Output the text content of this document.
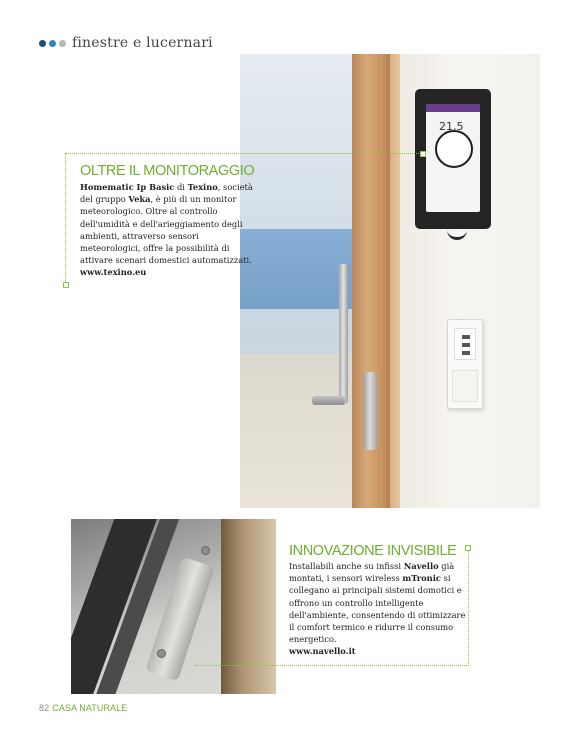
finestre e lucernari
21,5
OLTRE IL MONITORAGGIO
Homematic Ip Basic di Texino, società del gruppo Veka, è più di un monitor meteorologico. Oltre al controllo dell'umidità e dell'arieggiamento degli ambienti, attraverso sensori meteorologici, offre la possibilità di attivare scenari domestici automatizzati.
www.texino.eu
INNOVAZIONE INVISIBILE
Installabili anche su infissi Navello già montati, i sensori wireless mTronic si collegano ai principali sistemi domotici e offrono un controllo intelligente dell'ambiente, consentendo di ottimizzare il comfort termico e ridurre il consumo energetico.
www.navello.it
82 CASA NATURALE
